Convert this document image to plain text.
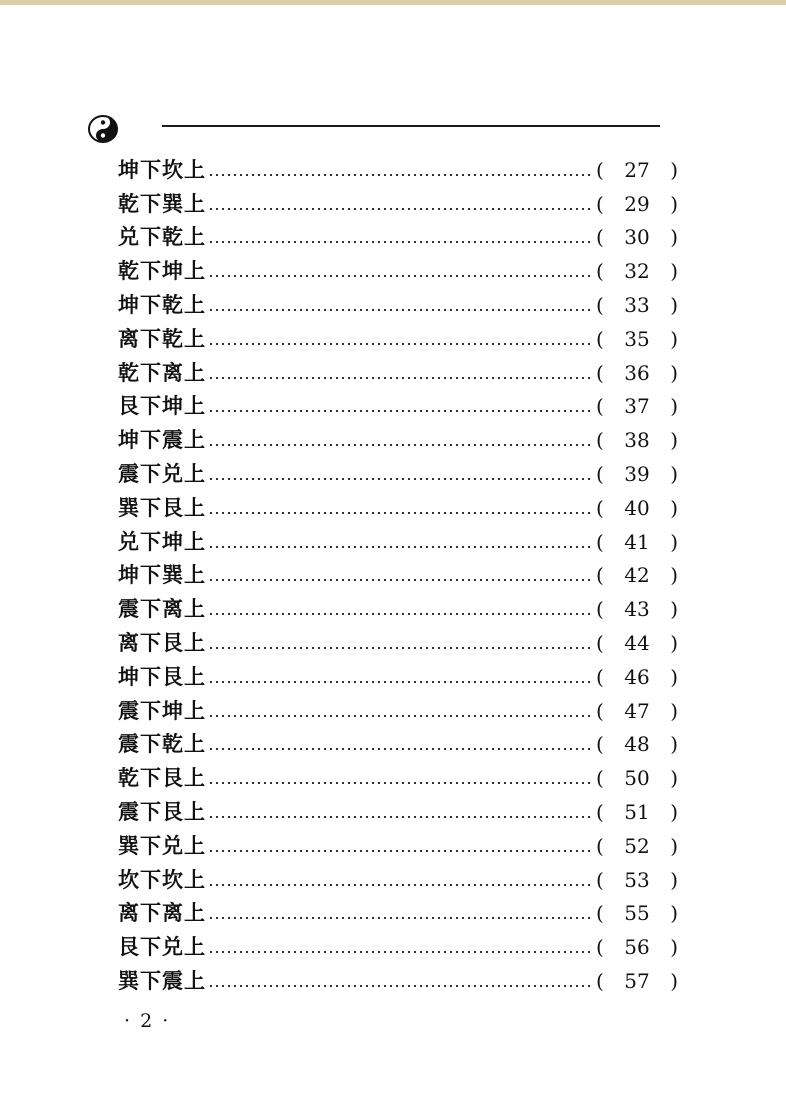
坤下坎上	(	27	)
乾下巽上	(	29	)
兑下乾上	(	30	)
乾下坤上	(	32	)
坤下乾上	(	33	)
离下乾上	(	35	)
乾下离上	(	36	)
艮下坤上	(	37	)
坤下震上	(	38	)
震下兑上	(	39	)
巽下艮上	(	40	)
兑下坤上	(	41	)
坤下巽上	(	42	)
震下离上	(	43	)
离下艮上	(	44	)
坤下艮上	(	46	)
震下坤上	(	47	)
震下乾上	(	48	)
乾下艮上	(	50	)
震下艮上	(	51	)
巽下兑上	(	52	)
坎下坎上	(	53	)
离下离上	(	55	)
艮下兑上	(	56	)
巽下震上	(	57	)
· 2 ·
